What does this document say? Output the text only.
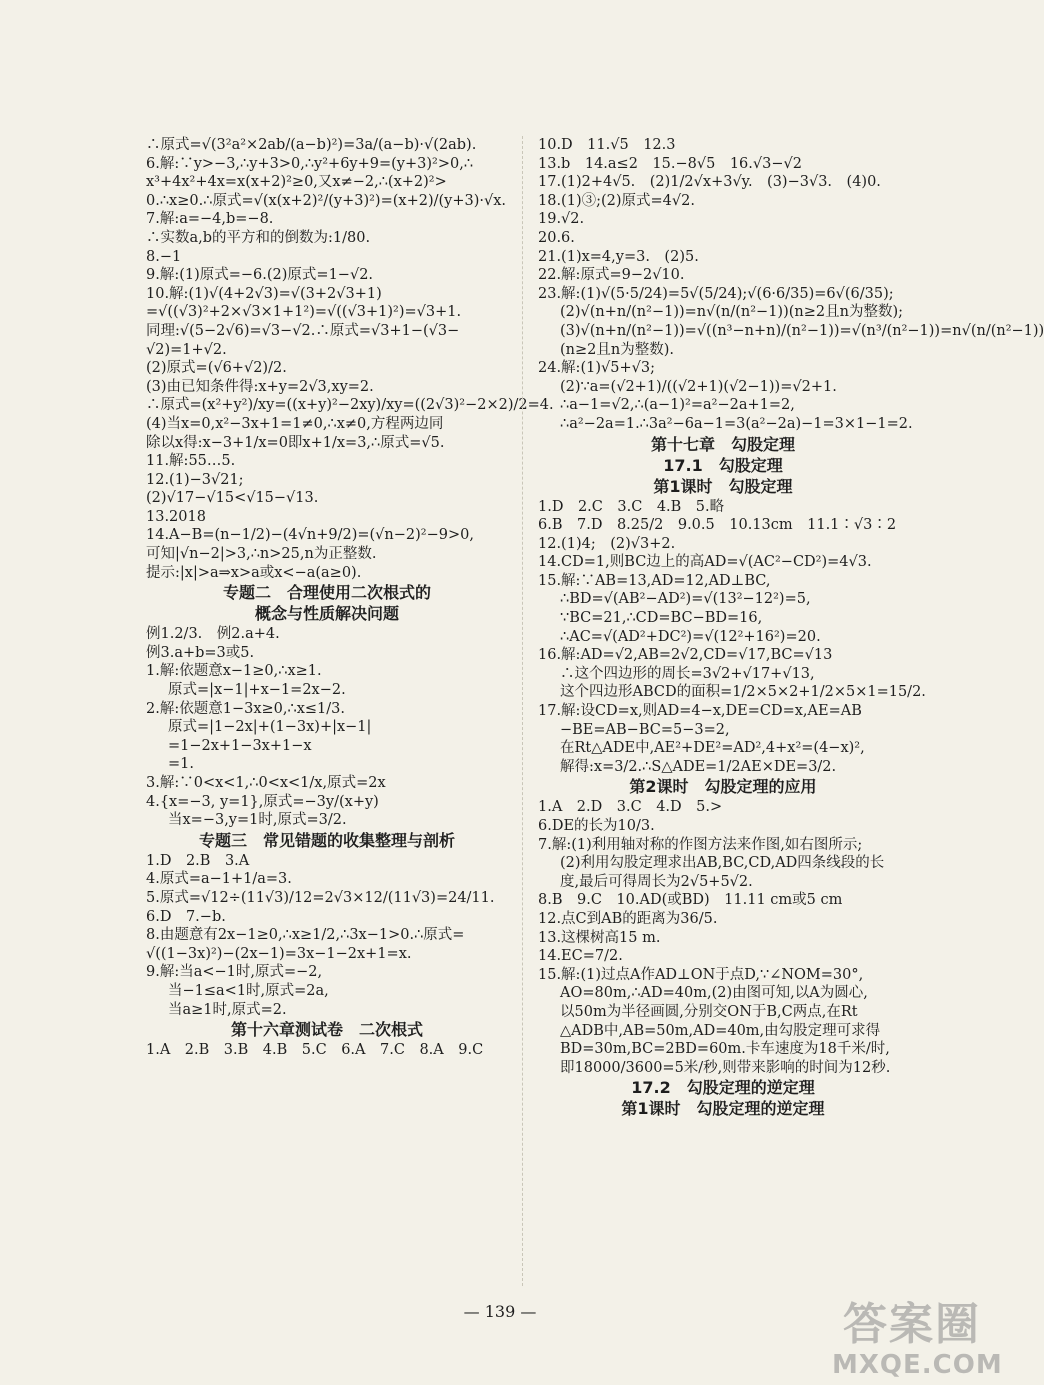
∴原式=√(3²a²×2ab/(a−b)²)=3a/(a−b)·√(2ab).
6.解:∵y>−3,∴y+3>0,∴y²+6y+9=(y+3)²>0,∴
x³+4x²+4x=x(x+2)²≥0,又x≠−2,∴(x+2)²>
0.∴x≥0.∴原式=√(x(x+2)²/(y+3)²)=(x+2)/(y+3)·√x.
7.解:a=−4,b=−8.
∴实数a,b的平方和的倒数为:1/80.
8.−1
9.解:(1)原式=−6.(2)原式=1−√2.
10.解:(1)√(4+2√3)=√(3+2√3+1)
=√((√3)²+2×√3×1+1²)=√((√3+1)²)=√3+1.
同理:√(5−2√6)=√3−√2.∴原式=√3+1−(√3−
√2)=1+√2.
(2)原式=(√6+√2)/2.
(3)由已知条件得:x+y=2√3,xy=2.
∴原式=(x²+y²)/xy=((x+y)²−2xy)/xy=((2√3)²−2×2)/2=4.
(4)当x=0,x²−3x+1=1≠0,∴x≠0,方程两边同
除以x得:x−3+1/x=0即x+1/x=3,∴原式=√5.
11.解:55…5.
12.(1)−3√21;
(2)√17−√15<√15−√13.
13.2018
14.A−B=(n−1/2)−(4√n+9/2)=(√n−2)²−9>0,
可知|√n−2|>3,∴n>25,n为正整数.
提示:|x|>a⇒x>a或x<−a(a≥0).
专题二　合理使用二次根式的
概念与性质解决问题
例1.2/3.　例2.a+4.
例3.a+b=3或5.
1.解:依题意x−1≥0,∴x≥1.
原式=|x−1|+x−1=2x−2.
2.解:依题意1−3x≥0,∴x≤1/3.
原式=|1−2x|+(1−3x)+|x−1|
=1−2x+1−3x+1−x
=1.
3.解:∵0<x<1,∴0<x<1/x,原式=2x
4.{x=−3, y=1},原式=−3y/(x+y)
当x=−3,y=1时,原式=3/2.
专题三　常见错题的收集整理与剖析
1.D　2.B　3.A
4.原式=a−1+1/a=3.
5.原式=√12÷(11√3)/12=2√3×12/(11√3)=24/11.
6.D　7.−b.
8.由题意有2x−1≥0,∴x≥1/2,∴3x−1>0.∴原式=
√((1−3x)²)−(2x−1)=3x−1−2x+1=x.
9.解:当a<−1时,原式=−2,
当−1≤a<1时,原式=2a,
当a≥1时,原式=2.
第十六章测试卷　二次根式
1.A　2.B　3.B　4.B　5.C　6.A　7.C　8.A　9.C
10.D　11.√5　12.3
13.b　14.a≤2　15.−8√5　16.√3−√2
17.(1)2+4√5.　(2)1/2√x+3√y.　(3)−3√3.　(4)0.
18.(1)③;(2)原式=4√2.
19.√2.
20.6.
21.(1)x=4,y=3.　(2)5.
22.解:原式=9−2√10.
23.解:(1)√(5·5/24)=5√(5/24);√(6·6/35)=6√(6/35);
(2)√(n+n/(n²−1))=n√(n/(n²−1))(n≥2且n为整数);
(3)√(n+n/(n²−1))=√((n³−n+n)/(n²−1))=√(n³/(n²−1))=n√(n/(n²−1))
(n≥2且n为整数).
24.解:(1)√5+√3;
(2)∵a=(√2+1)/((√2+1)(√2−1))=√2+1.
∴a−1=√2,∴(a−1)²=a²−2a+1=2,
∴a²−2a=1.∴3a²−6a−1=3(a²−2a)−1=3×1−1=2.
第十七章　勾股定理
17.1　勾股定理
第1课时　勾股定理
1.D　2.C　3.C　4.B　5.略
6.B　7.D　8.25/2　9.0.5　10.13cm　11.1∶√3∶2
12.(1)4;　(2)√3+2.
14.CD=1,则BC边上的高AD=√(AC²−CD²)=4√3.
15.解:∵AB=13,AD=12,AD⊥BC,
∴BD=√(AB²−AD²)=√(13²−12²)=5,
∵BC=21,∴CD=BC−BD=16,
∴AC=√(AD²+DC²)=√(12²+16²)=20.
16.解:AD=√2,AB=2√2,CD=√17,BC=√13
∴这个四边形的周长=3√2+√17+√13,
这个四边形ABCD的面积=1/2×5×2+1/2×5×1=15/2.
17.解:设CD=x,则AD=4−x,DE=CD=x,AE=AB
−BE=AB−BC=5−3=2,
在Rt△ADE中,AE²+DE²=AD²,4+x²=(4−x)²,
解得:x=3/2.∴S△ADE=1/2AE×DE=3/2.
第2课时　勾股定理的应用
1.A　2.D　3.C　4.D　5.>
6.DE的长为10/3.
7.解:(1)利用轴对称的作图方法来作图,如右图所示;
(2)利用勾股定理求出AB,BC,CD,AD四条线段的长
度,最后可得周长为2√5+5√2.
8.B　9.C　10.AD(或BD)　11.11 cm或5 cm
12.点C到AB的距离为36/5.
13.这棵树高15 m.
14.EC=7/2.
15.解:(1)过点A作AD⊥ON于点D,∵∠NOM=30°,
AO=80m,∴AD=40m,(2)由图可知,以A为圆心,
以50m为半径画圆,分别交ON于B,C两点,在Rt
△ADB中,AB=50m,AD=40m,由勾股定理可求得
BD=30m,BC=2BD=60m.卡车速度为18千米/时,
即18000/3600=5米/秒,则带来影响的时间为12秒.
17.2　勾股定理的逆定理
第1课时　勾股定理的逆定理
— 139 —	答案圈
MXQE.COM
